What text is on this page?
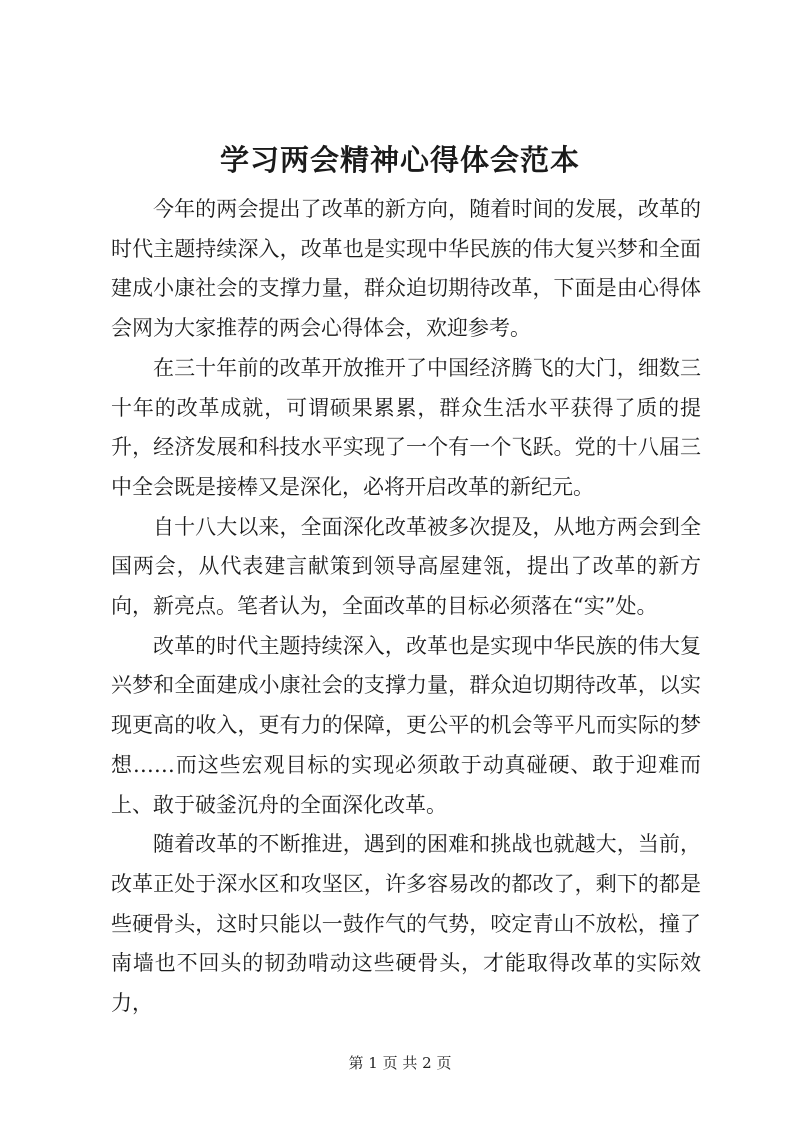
学习两会精神心得体会范本

今年的两会提出了改革的新方向，随着时间的发展，改革的时代主题持续深入，改革也是实现中华民族的伟大复兴梦和全面建成小康社会的支撑力量，群众迫切期待改革，下面是由心得体会网为大家推荐的两会心得体会，欢迎参考。

在三十年前的改革开放推开了中国经济腾飞的大门，细数三十年的改革成就，可谓硕果累累，群众生活水平获得了质的提升，经济发展和科技水平实现了一个有一个飞跃。党的十八届三中全会既是接棒又是深化，必将开启改革的新纪元。

自十八大以来，全面深化改革被多次提及，从地方两会到全国两会，从代表建言献策到领导高屋建瓴，提出了改革的新方向，新亮点。笔者认为，全面改革的目标必须落在“实”处。

改革的时代主题持续深入，改革也是实现中华民族的伟大复兴梦和全面建成小康社会的支撑力量，群众迫切期待改革，以实现更高的收入，更有力的保障，更公平的机会等平凡而实际的梦想……而这些宏观目标的实现必须敢于动真碰硬、敢于迎难而上、敢于破釜沉舟的全面深化改革。

随着改革的不断推进，遇到的困难和挑战也就越大，当前，改革正处于深水区和攻坚区，许多容易改的都改了，剩下的都是些硬骨头，这时只能以一鼓作气的气势，咬定青山不放松，撞了南墙也不回头的韧劲啃动这些硬骨头，才能取得改革的实际效力，

第 1 页 共 2 页
